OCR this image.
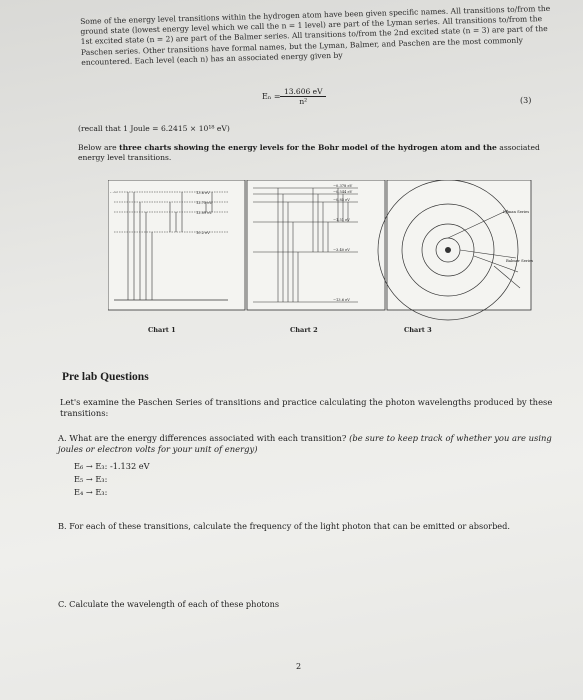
Some of the energy level transitions within the hydrogen atom have been given specific names. All transitions to/from the ground state (lowest energy level which we call the n = 1 level) are part of the Lyman series. All transitions to/from the 1st excited state (n = 2) are part of the Balmer series. All transitions to/from the 2nd excited state (n = 3) are part of the Paschen series. Other transitions have formal names, but the Lyman, Balmer, and Paschen are the most commonly encountered. Each level (each n) has an associated energy given by

Eₙ = −
$\frac{13.606 eV}{\text{n²}}$	(3)
(recall that 1 Joule = 6.2415 × 10¹⁸ eV)
Below are three charts showing the energy levels for the Bohr model of the hydrogen atom and the associated energy level transitions.
- - -	13.6 eV
12.75 eV
12.09 eV
10.2 eV
−0.378 eV
−0.544 eV
−0.85 eV
−1.51 eV
−3.40 eV
−13.6 eV
Lyman Series
Balmer Series
Chart 1	Chart 2	Chart 3
Pre lab Questions
Let's examine the Paschen Series of transitions and practice calculating the photon wavelengths produced by these transitions:
A. What are the energy differences associated with each transition? (be sure to keep track of whether you are using joules or electron volts for your unit of energy)
E₆ → E₃: -1.132 eV
E₅ → E₃:
E₄ → E₃:
B. For each of these transitions, calculate the frequency of the light photon that can be emitted or absorbed.
C. Calculate the wavelength of each of these photons
2
